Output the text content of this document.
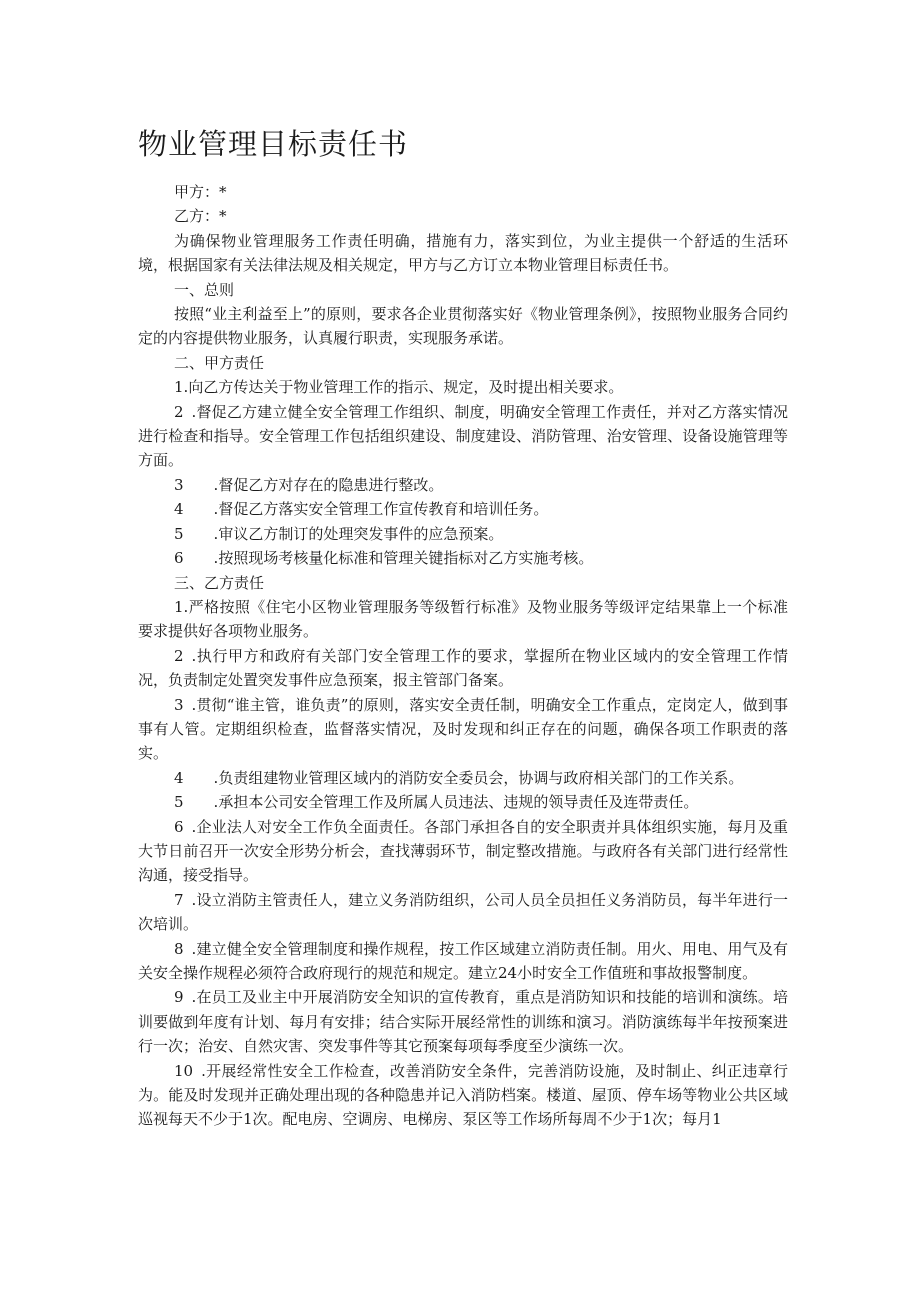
物业管理目标责任书

甲方：*

乙方：*

为确保物业管理服务工作责任明确，措施有力，落实到位，为业主提供一个舒适的生活环境，根据国家有关法律法规及相关规定，甲方与乙方订立本物业管理目标责任书。

一、总则

按照“业主利益至上”的原则，要求各企业贯彻落实好《物业管理条例》，按照物业服务合同约定的内容提供物业服务，认真履行职责，实现服务承诺。

二、甲方责任

1.向乙方传达关于物业管理工作的指示、规定，及时提出相关要求。

2 .督促乙方建立健全安全管理工作组织、制度，明确安全管理工作责任，并对乙方落实情况进行检查和指导。安全管理工作包括组织建设、制度建设、消防管理、治安管理、设备设施管理等方面。

3 .督促乙方对存在的隐患进行整改。

4 .督促乙方落实安全管理工作宣传教育和培训任务。

5 .审议乙方制订的处理突发事件的应急预案。

6 .按照现场考核量化标准和管理关键指标对乙方实施考核。

三、乙方责任

1.严格按照《住宅小区物业管理服务等级暂行标准》及物业服务等级评定结果靠上一个标准要求提供好各项物业服务。

2 .执行甲方和政府有关部门安全管理工作的要求，掌握所在物业区域内的安全管理工作情况，负责制定处置突发事件应急预案，报主管部门备案。

3 .贯彻“谁主管，谁负责”的原则，落实安全责任制，明确安全工作重点，定岗定人，做到事事有人管。定期组织检查，监督落实情况，及时发现和纠正存在的问题，确保各项工作职责的落实。

4 .负责组建物业管理区域内的消防安全委员会，协调与政府相关部门的工作关系。

5 .承担本公司安全管理工作及所属人员违法、违规的领导责任及连带责任。

6 .企业法人对安全工作负全面责任。各部门承担各自的安全职责并具体组织实施，每月及重大节日前召开一次安全形势分析会，查找薄弱环节，制定整改措施。与政府各有关部门进行经常性沟通，接受指导。

7 .设立消防主管责任人，建立义务消防组织，公司人员全员担任义务消防员，每半年进行一次培训。

8 .建立健全安全管理制度和操作规程，按工作区域建立消防责任制。用火、用电、用气及有关安全操作规程必须符合政府现行的规范和规定。建立24小时安全工作值班和事故报警制度。

9 .在员工及业主中开展消防安全知识的宣传教育，重点是消防知识和技能的培训和演练。培训要做到年度有计划、每月有安排；结合实际开展经常性的训练和演习。消防演练每半年按预案进行一次；治安、自然灾害、突发事件等其它预案每项每季度至少演练一次。

10 .开展经常性安全工作检查，改善消防安全条件，完善消防设施，及时制止、纠正违章行为。能及时发现并正确处理出现的各种隐患并记入消防档案。楼道、屋顶、停车场等物业公共区域巡视每天不少于1次。配电房、空调房、电梯房、泵区等工作场所每周不少于1次；每月1
